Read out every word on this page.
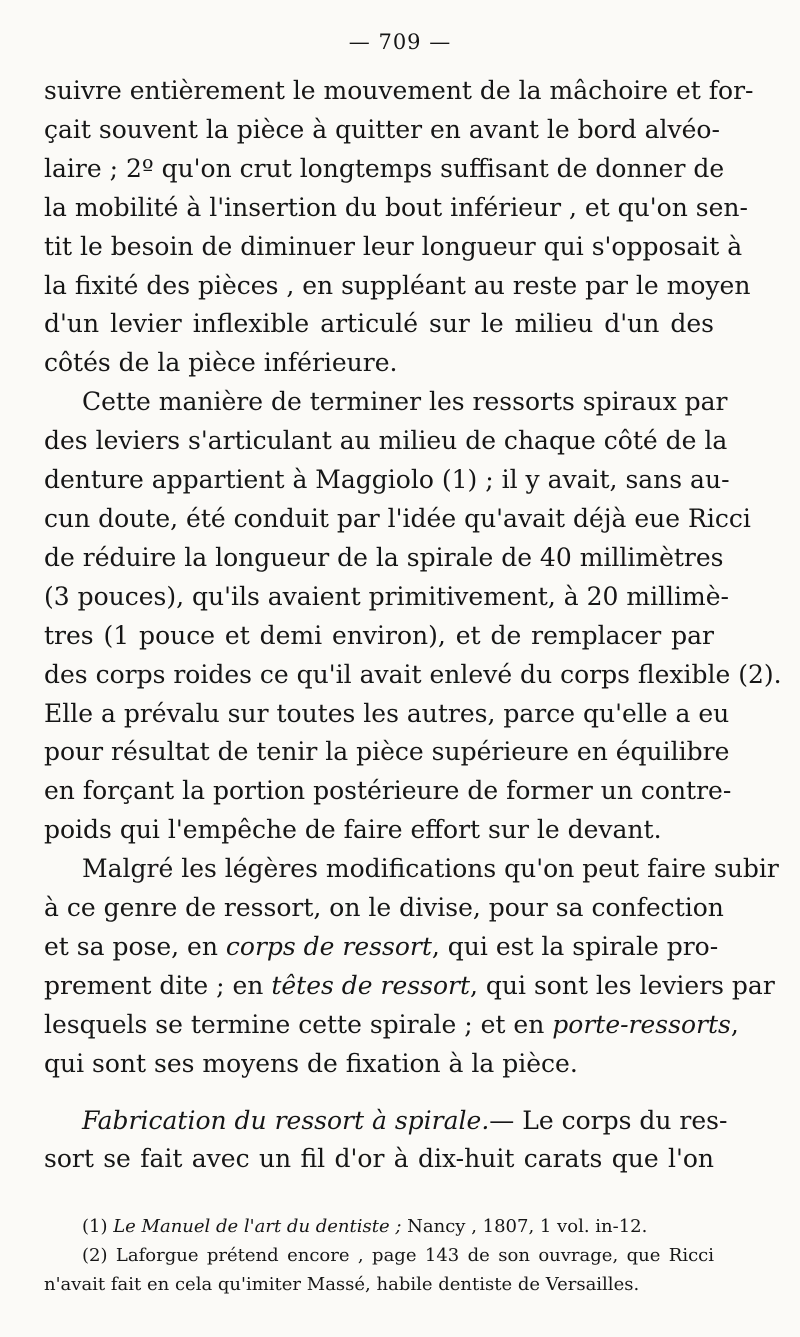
— 709 —
suivre entièrement le mouvement de la mâchoire et for-
çait souvent la pièce à quitter en avant le bord alvéo-
laire ; 2º qu'on crut longtemps suffisant de donner de
la mobilité à l'insertion du bout inférieur , et qu'on sen-
tit le besoin de diminuer leur longueur qui s'opposait à
la fixité des pièces , en suppléant au reste par le moyen
d'un levier inflexible articulé sur le milieu d'un des
côtés de la pièce inférieure.
Cette manière de terminer les ressorts spiraux par
des leviers s'articulant au milieu de chaque côté de la
denture appartient à Maggiolo (1) ; il y avait, sans au-
cun doute, été conduit par l'idée qu'avait déjà eue Ricci
de réduire la longueur de la spirale de 40 millimètres
(3 pouces), qu'ils avaient primitivement, à 20 millimè-
tres (1 pouce et demi environ), et de remplacer par
des corps roides ce qu'il avait enlevé du corps flexible (2).
Elle a prévalu sur toutes les autres, parce qu'elle a eu
pour résultat de tenir la pièce supérieure en équilibre
en forçant la portion postérieure de former un contre-
poids qui l'empêche de faire effort sur le devant.
Malgré les légères modifications qu'on peut faire subir
à ce genre de ressort, on le divise, pour sa confection
et sa pose, en corps de ressort, qui est la spirale pro-
prement dite ; en têtes de ressort, qui sont les leviers par
lesquels se termine cette spirale ; et en porte-ressorts,
qui sont ses moyens de fixation à la pièce.
Fabrication du ressort à spirale.— Le corps du res-
sort se fait avec un fil d'or à dix-huit carats que l'on
(1) Le Manuel de l'art du dentiste ; Nancy , 1807, 1 vol. in-12.
(2) Laforgue prétend encore , page 143 de son ouvrage, que Ricci
n'avait fait en cela qu'imiter Massé, habile dentiste de Versailles.
